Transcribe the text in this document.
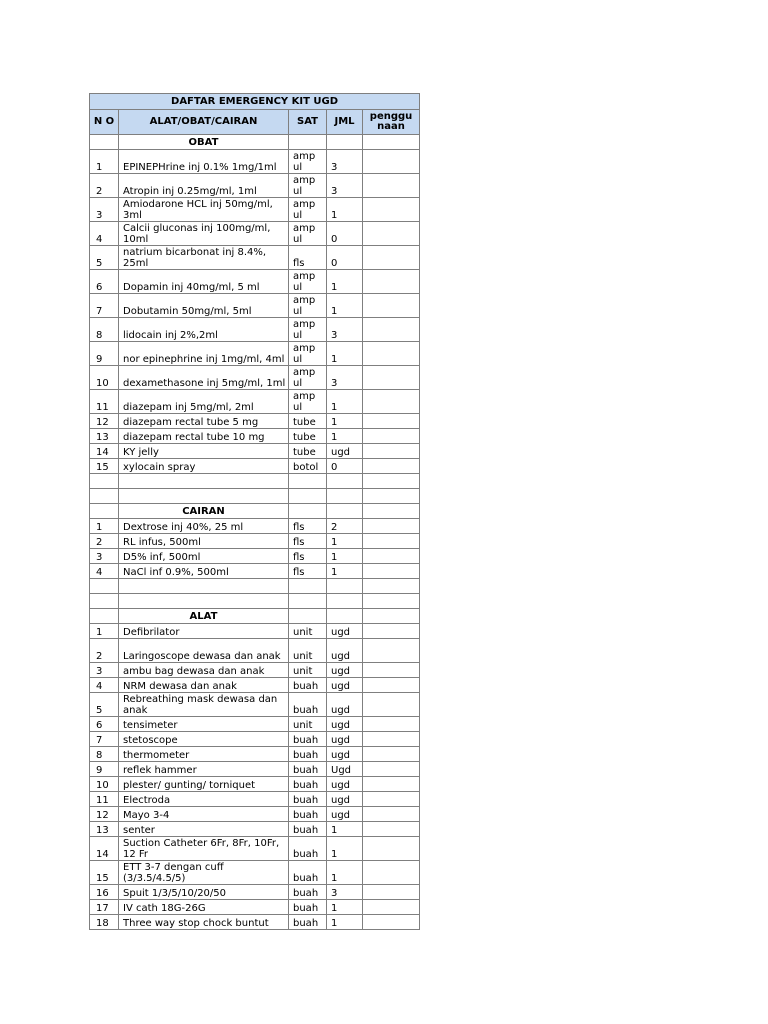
DAFTAR EMERGENCY KIT UGD				
N O	ALAT/OBAT/CAIRAN	SAT	JML	penggu naan
	OBAT			
1	EPINEPHrine inj 0.1% 1mg/1ml	amp ul	3	
2	Atropin inj 0.25mg/ml, 1ml	amp ul	3	
3	Amiodarone HCL inj 50mg/ml, 3ml	amp ul	1	
4	Calcii gluconas inj 100mg/ml, 10ml	amp ul	0	
5	natrium bicarbonat inj 8.4%, 25ml	fls	0	
6	Dopamin inj 40mg/ml, 5 ml	amp ul	1	
7	Dobutamin 50mg/ml, 5ml	amp ul	1	
8	lidocain inj 2%,2ml	amp ul	3	
9	nor epinephrine inj 1mg/ml, 4ml	amp ul	1	
10	dexamethasone inj 5mg/ml, 1ml	amp ul	3	
11	diazepam inj 5mg/ml, 2ml	amp ul	1	
12	diazepam rectal tube 5 mg	tube	1	
13	diazepam rectal tube 10 mg	tube	1	
14	KY jelly	tube	ugd	
15	xylocain spray	botol	0	

	CAIRAN			
1	Dextrose inj 40%, 25 ml	fls	2	
2	RL infus, 500ml	fls	1	
3	D5% inf, 500ml	fls	1	
4	NaCl inf 0.9%, 500ml	fls	1	

	ALAT			
1	Defibrilator	unit	ugd	
2	Laringoscope dewasa dan anak	unit	ugd	
3	ambu bag dewasa dan anak	unit	ugd	
4	NRM dewasa dan anak	buah	ugd	
5	Rebreathing mask dewasa dan anak	buah	ugd	
6	tensimeter	unit	ugd	
7	stetoscope	buah	ugd	
8	thermometer	buah	ugd	
9	reflek hammer	buah	Ugd	
10	plester/ gunting/ torniquet	buah	ugd	
11	Electroda	buah	ugd	
12	Mayo 3-4	buah	ugd	
13	senter	buah	1	
14	Suction Catheter 6Fr, 8Fr, 10Fr, 12 Fr	buah	1	
15	ETT 3-7 dengan cuff (3/3.5/4.5/5)	buah	1	
16	Spuit 1/3/5/10/20/50	buah	3	
17	IV cath 18G-26G	buah	1	
18	Three way stop chock buntut	buah	1	
